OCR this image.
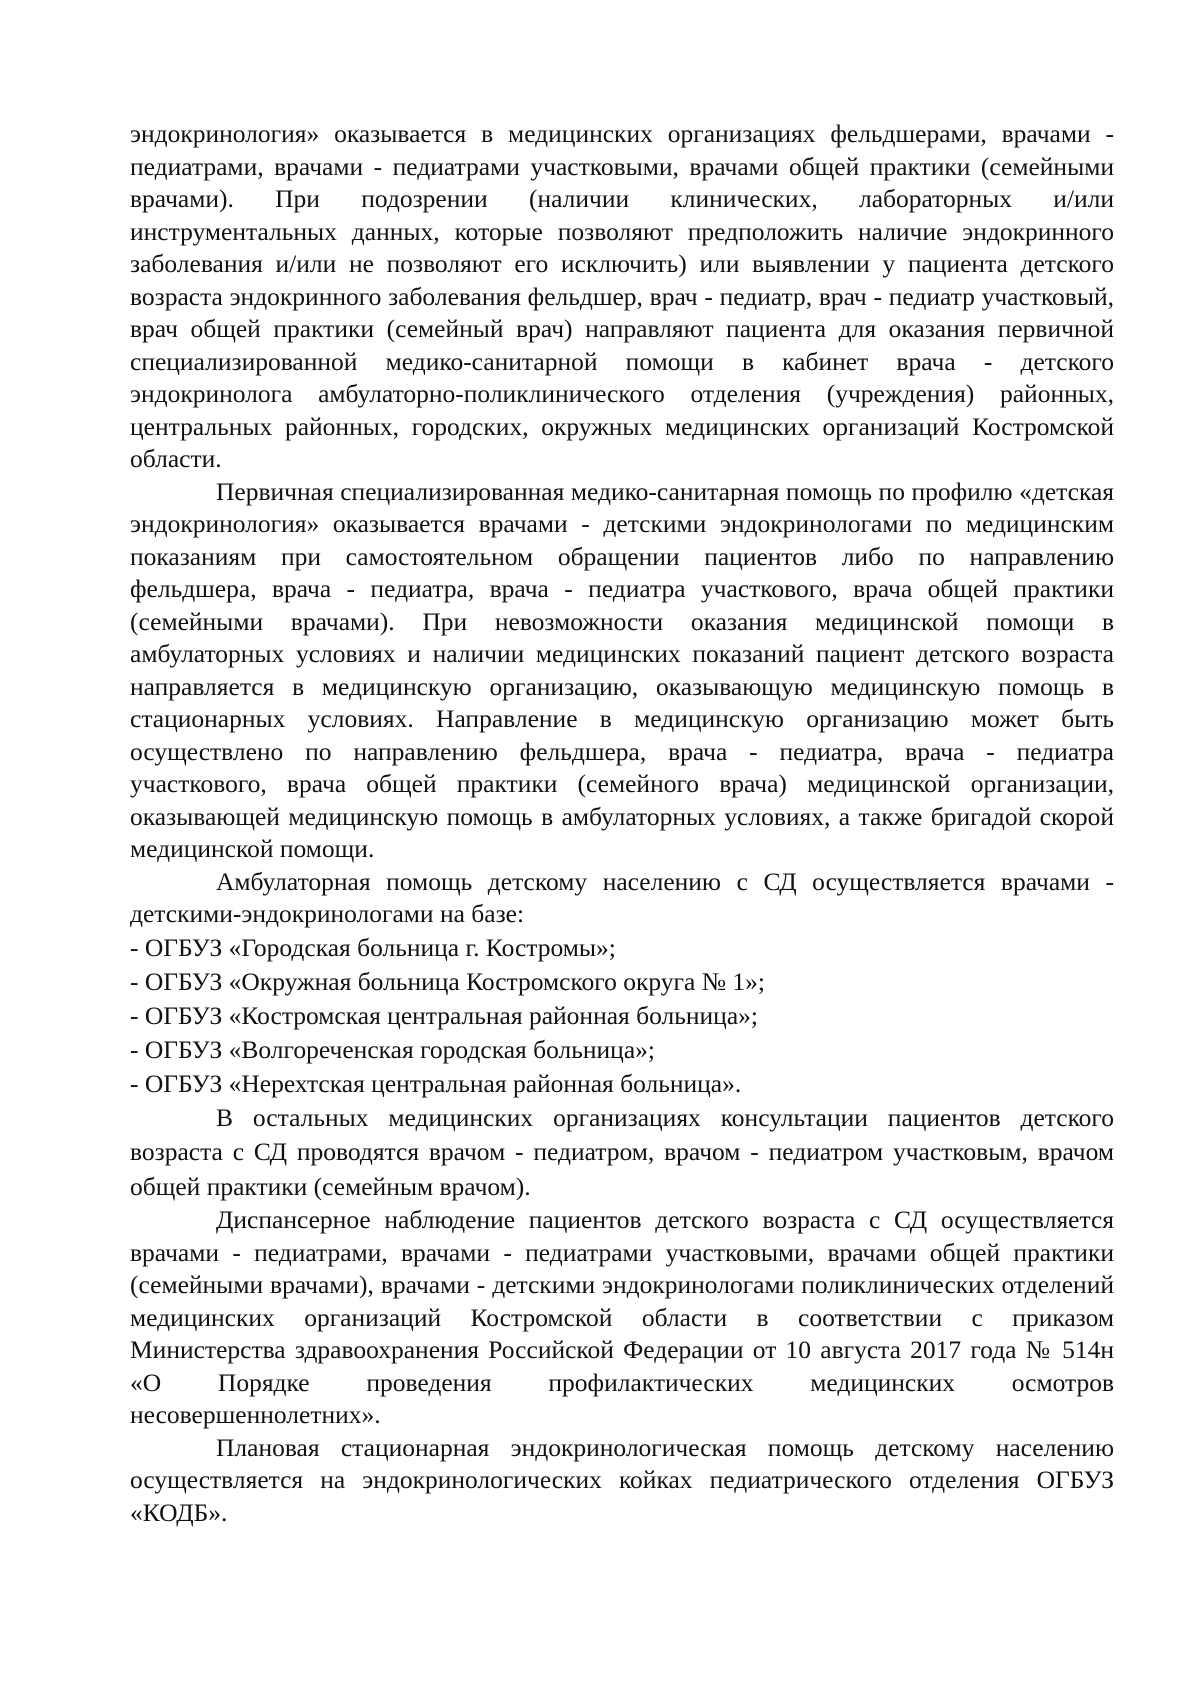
эндокринология» оказывается в медицинских организациях фельдшерами, врачами - педиатрами, врачами - педиатрами участковыми, врачами общей практики (семейными врачами). При подозрении (наличии клинических, лабораторных и/или инструментальных данных, которые позволяют предположить наличие эндокринного заболевания и/или не позволяют его исключить) или выявлении у пациента детского возраста эндокринного заболевания фельдшер, врач - педиатр, врач - педиатр участковый, врач общей практики (семейный врач) направляют пациента для оказания первичной специализированной медико-санитарной помощи в кабинет врача - детского эндокринолога амбулаторно-поликлинического отделения (учреждения) районных, центральных районных, городских, окружных медицинских организаций Костромской области.

Первичная специализированная медико-санитарная помощь по профилю «детская эндокринология» оказывается врачами - детскими эндокринологами по медицинским показаниям при самостоятельном обращении пациентов либо по направлению фельдшера, врача - педиатра, врача - педиатра участкового, врача общей практики (семейными врачами). При невозможности оказания медицинской помощи в амбулаторных условиях и наличии медицинских показаний пациент детского возраста направляется в медицинскую организацию, оказывающую медицинскую помощь в стационарных условиях. Направление в медицинскую организацию может быть осуществлено по направлению фельдшера, врача - педиатра, врача - педиатра участкового, врача общей практики (семейного врача) медицинской организации, оказывающей медицинскую помощь в амбулаторных условиях, а также бригадой скорой медицинской помощи.

Амбулаторная помощь детскому населению с СД осуществляется врачами - детскими-эндокринологами на базе:

- ОГБУЗ «Городская больница г. Костромы»;

- ОГБУЗ «Окружная больница Костромского округа № 1»;

- ОГБУЗ «Костромская центральная районная больница»;

- ОГБУЗ «Волгореченская городская больница»;

- ОГБУЗ «Нерехтская центральная районная больница».

В остальных медицинских организациях консультации пациентов детского возраста с СД проводятся врачом - педиатром, врачом - педиатром участковым, врачом общей практики (семейным врачом).

Диспансерное наблюдение пациентов детского возраста с СД осуществляется врачами - педиатрами, врачами - педиатрами участковыми, врачами общей практики (семейными врачами), врачами - детскими эндокринологами поликлинических отделений медицинских организаций Костромской области в соответствии с приказом Министерства здравоохранения Российской Федерации от 10 августа 2017 года № 514н «О Порядке проведения профилактических медицинских осмотров несовершеннолетних».

Плановая стационарная эндокринологическая помощь детскому населению осуществляется на эндокринологических койках педиатрического отделения ОГБУЗ «КОДБ».
